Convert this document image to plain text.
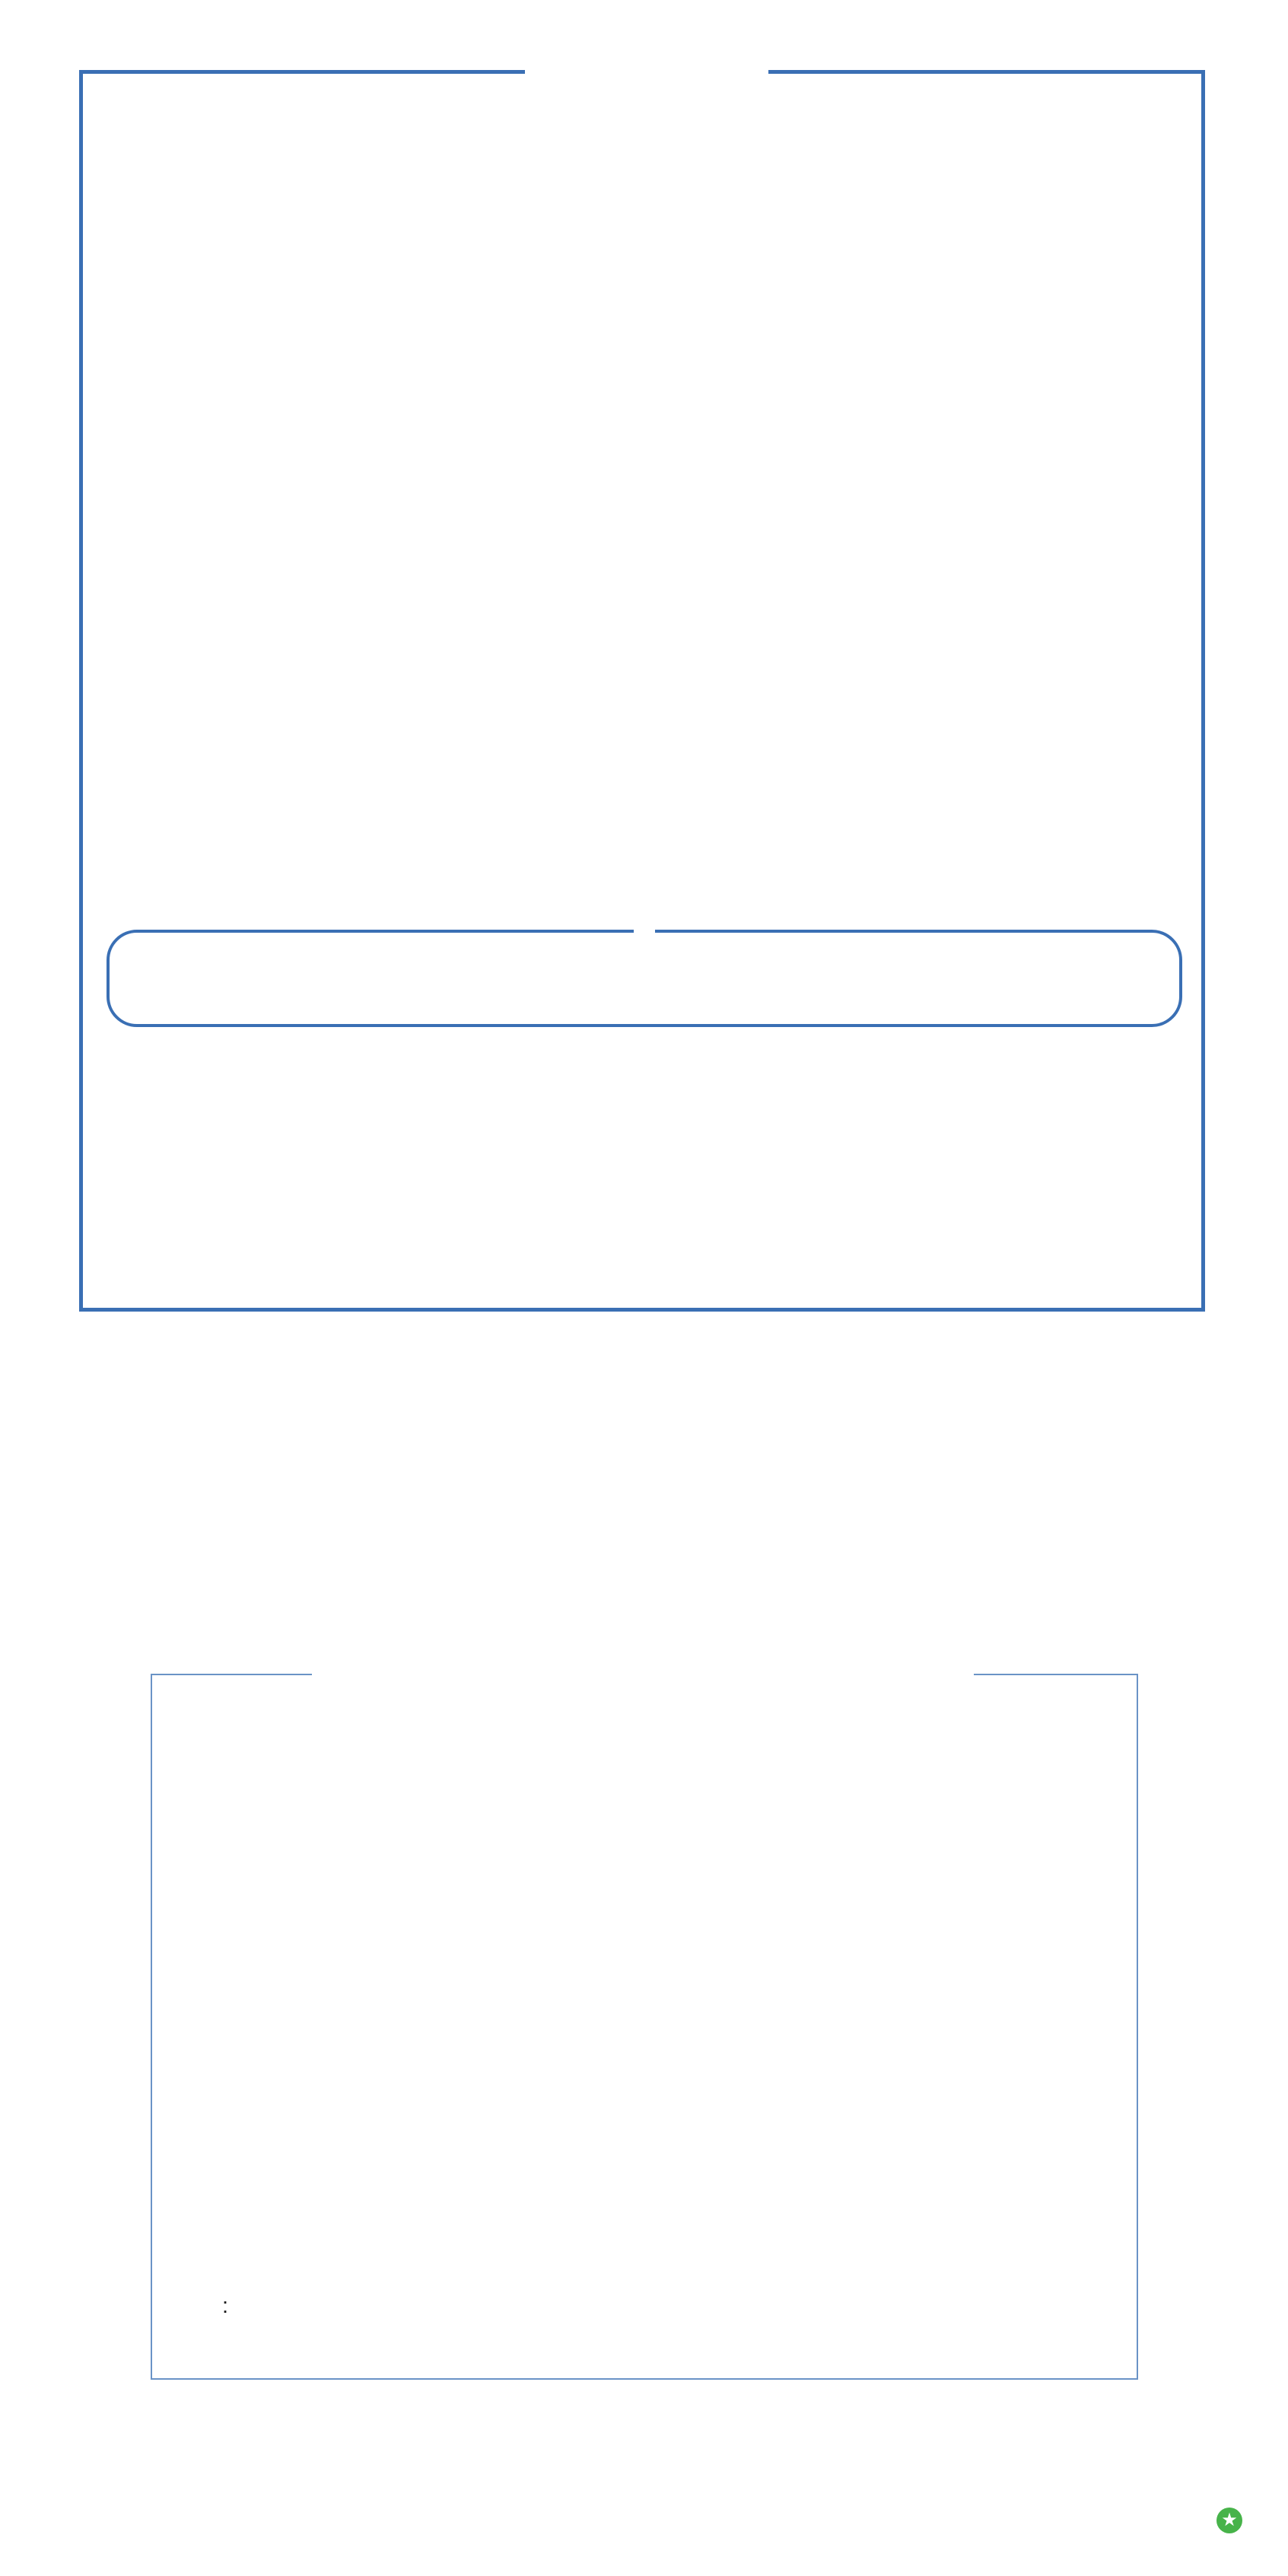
:
★
